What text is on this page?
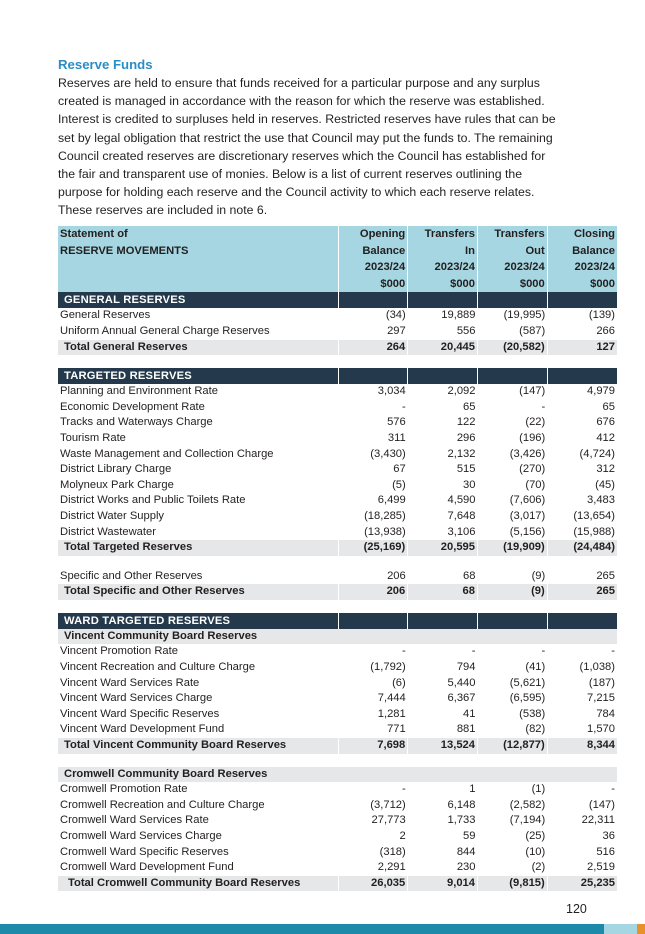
Reserve Funds

Reserves are held to ensure that funds received for a particular purpose and any surplus

created is managed in accordance with the reason for which the reserve was established.

Interest is credited to surpluses held in reserves. Restricted reserves have rules that can be

set by legal obligation that restrict the use that Council may put the funds to. The remaining

Council created reserves are discretionary reserves which the Council has established for

the fair and transparent use of monies. Below is a list of current reserves outlining the

purpose for holding each reserve and the Council activity to which each reserve relates.

These reserves are included in note 6.

Statement of	Opening	Transfers	Transfers	Closing
RESERVE MOVEMENTS	Balance	In	Out	Balance
	2023/24	2023/24	2023/24	2023/24
	$000	$000	$000	$000
GENERAL RESERVES				
General Reserves	(34)	19,889	(19,995)	(139)
Uniform Annual General Charge Reserves	297	556	(587)	266
Total General Reserves	264	20,445	(20,582)	127

TARGETED RESERVES				
Planning and Environment Rate	3,034	2,092	(147)	4,979
Economic Development Rate	-	65	-	65
Tracks and Waterways Charge	576	122	(22)	676
Tourism Rate	311	296	(196)	412
Waste Management and Collection Charge	(3,430)	2,132	(3,426)	(4,724)
District Library Charge	67	515	(270)	312
Molyneux Park Charge	(5)	30	(70)	(45)
District Works and Public Toilets Rate	6,499	4,590	(7,606)	3,483
District Water Supply	(18,285)	7,648	(3,017)	(13,654)
District Wastewater	(13,938)	3,106	(5,156)	(15,988)
Total Targeted Reserves	(25,169)	20,595	(19,909)	(24,484)

Specific and Other Reserves	206	68	(9)	265
Total Specific and Other Reserves	206	68	(9)	265

WARD TARGETED RESERVES				
Vincent Community Board Reserves				
Vincent Promotion Rate	-	-	-	-
Vincent Recreation and Culture Charge	(1,792)	794	(41)	(1,038)
Vincent Ward Services Rate	(6)	5,440	(5,621)	(187)
Vincent Ward Services Charge	7,444	6,367	(6,595)	7,215
Vincent Ward Specific Reserves	1,281	41	(538)	784
Vincent Ward Development Fund	771	881	(82)	1,570
Total Vincent Community Board Reserves	7,698	13,524	(12,877)	8,344

Cromwell Community Board Reserves				
Cromwell Promotion Rate	-	1	(1)	-
Cromwell Recreation and Culture Charge	(3,712)	6,148	(2,582)	(147)
Cromwell Ward Services Rate	27,773	1,733	(7,194)	22,311
Cromwell Ward Services Charge	2	59	(25)	36
Cromwell Ward Specific Reserves	(318)	844	(10)	516
Cromwell Ward Development Fund	2,291	230	(2)	2,519
Total Cromwell Community Board Reserves	26,035	9,014	(9,815)	25,235
120
